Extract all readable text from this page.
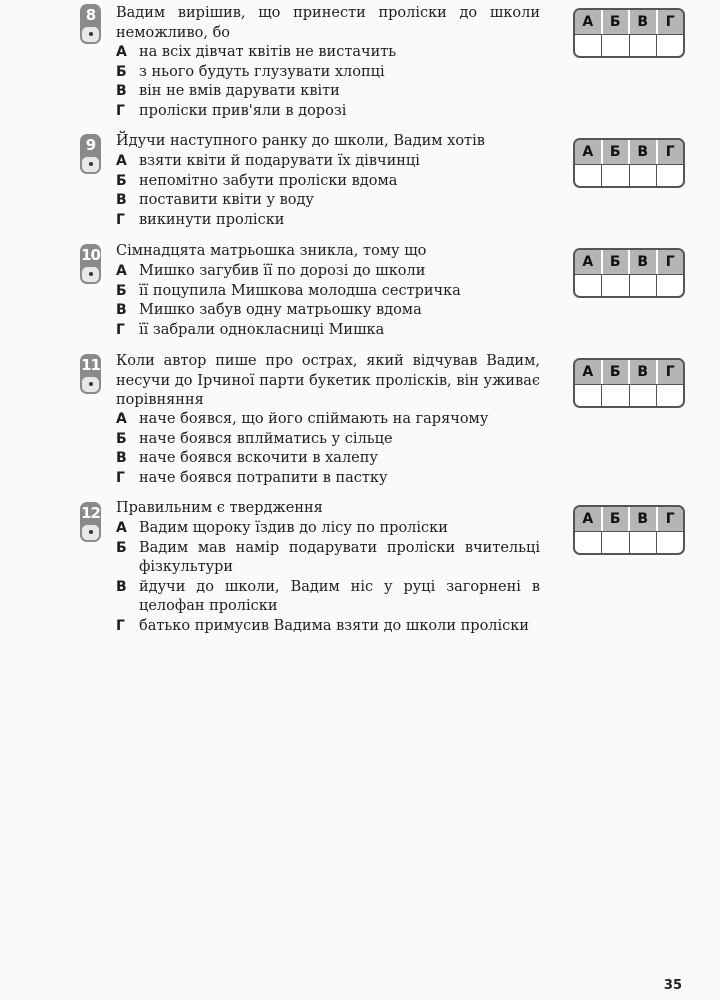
8	Вадим вирішив, що принести проліски до школи неможливо, бо
А на всіх дівчат квітів не вистачить
Б з нього будуть глузувати хлопці
В він не вмів дарувати квіти
Г проліски прив'яли в дорозі
А	Б	В	Г
9	Йдучи наступного ранку до школи, Вадим хотів
А взяти квіти й подарувати їх дівчинці
Б непомітно забути проліски вдома
В поставити квіти у воду
Г викинути проліски
А	Б	В	Г
10 Сімнадцята матрьошка зникла, тому що
А Мишко загубив її по дорозі до школи
Б її поцупила Мишкова молодша сестричка
В Мишко забув одну матрьошку вдома
Г її забрали однокласниці Мишка
А	Б	В	Г
11 Коли автор пише про острах, який відчував Вадим, несучи до Ірчиної парти букетик пролісків, він уживає порівняння
А наче боявся, що його спіймають на гарячому
Б наче боявся вплйматись у сільце
В наче боявся вскочити в халепу
Г наче боявся потрапити в пастку
А	Б	В	Г
12 Правильним є твердження
А Вадим щороку їздив до лісу по проліски
Б Вадим мав намір подарувати проліски вчительці фізкультури
В йдучи до школи, Вадим ніс у руці загорнені в целофан проліски
Г батько примусив Вадима взяти до школи проліски
А	Б	В	Г
35
